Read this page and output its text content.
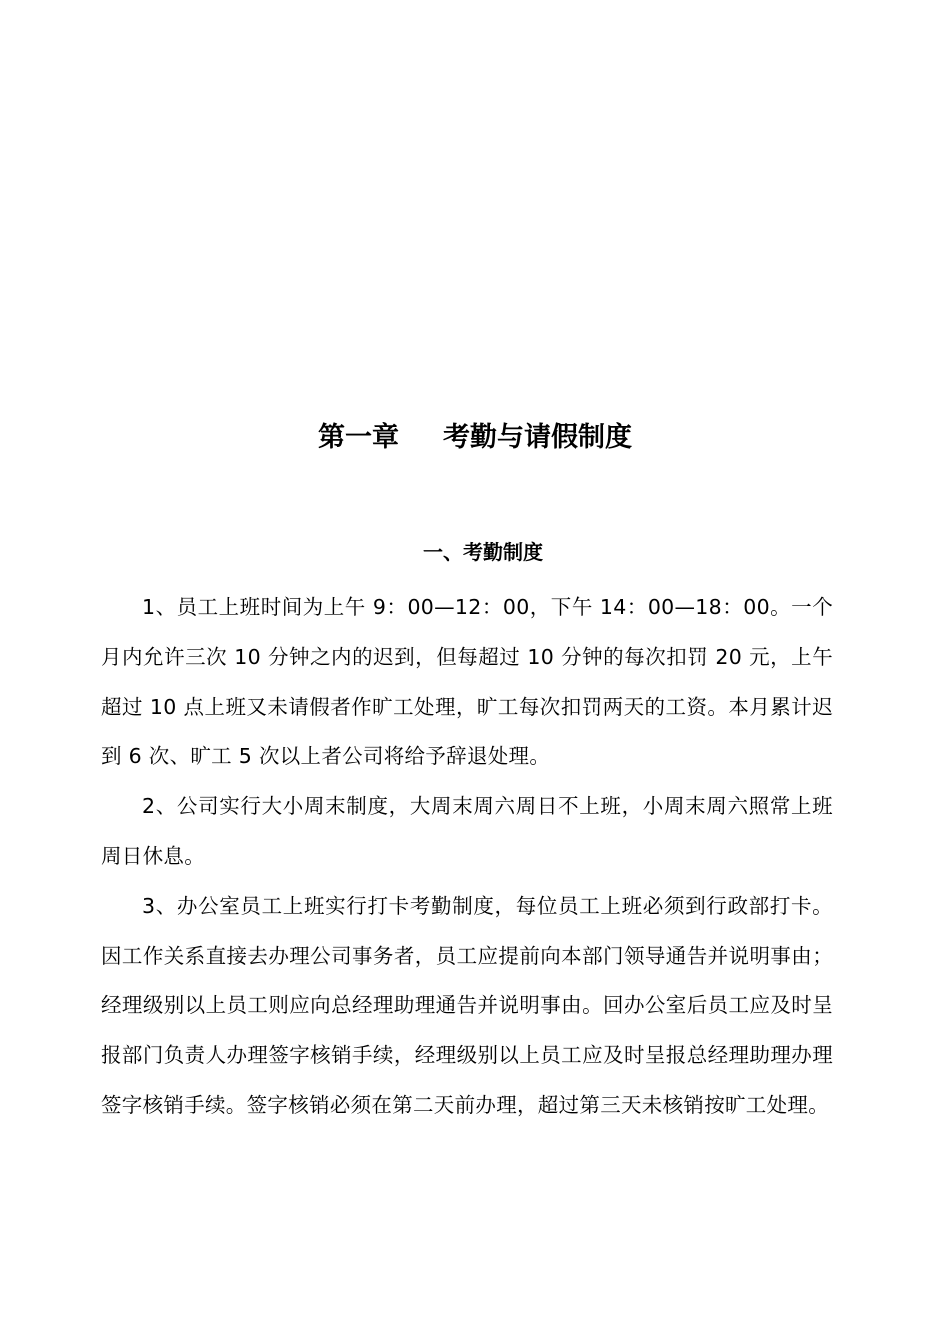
第一章 考勤与请假制度
一、考勤制度

1、员工上班时间为上午 9：00—12：00，下午 14：00—18：00。一个月内允许三次 10 分钟之内的迟到，但每超过 10 分钟的每次扣罚 20 元，上午超过 10 点上班又未请假者作旷工处理，旷工每次扣罚两天的工资。本月累计迟到 6 次、旷工 5 次以上者公司将给予辞退处理。

2、公司实行大小周末制度，大周末周六周日不上班，小周末周六照常上班周日休息。

3、办公室员工上班实行打卡考勤制度，每位员工上班必须到行政部打卡。因工作关系直接去办理公司事务者，员工应提前向本部门领导通告并说明事由；经理级别以上员工则应向总经理助理通告并说明事由。回办公室后员工应及时呈报部门负责人办理签字核销手续，经理级别以上员工应及时呈报总经理助理办理签字核销手续。签字核销必须在第二天前办理，超过第三天未核销按旷工处理。
